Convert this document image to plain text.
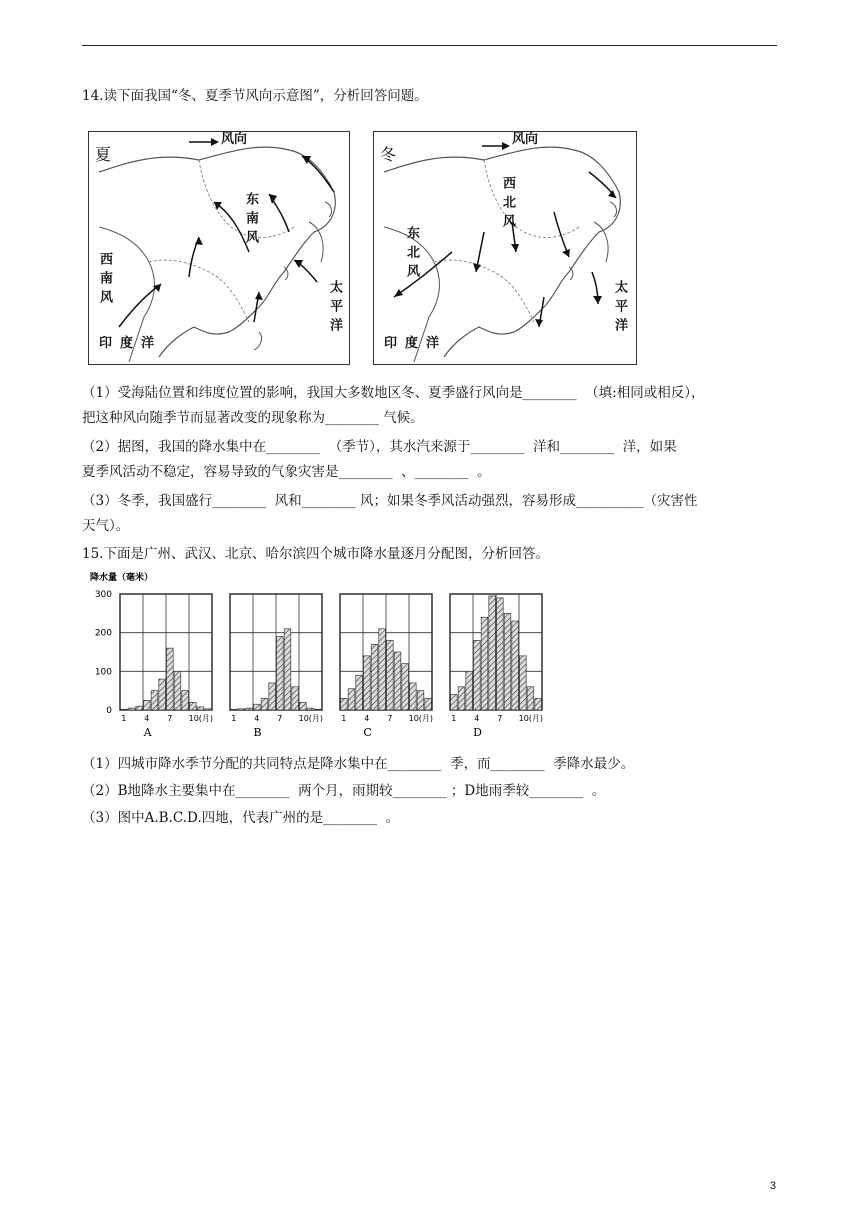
14.读下面我国“冬、夏季节风向示意图”，分析回答问题。
夏
风向
东南风
西南风
印度洋
太平洋
冬
风向
西北风
东北风
印度洋
太平洋
（1）受海陆位置和纬度位置的影响，我国大多数地区冬、夏季盛行风向是________  （填:相同或相反），
把这种风向随季节而显著改变的现象称为________ 气候。
（2）据图，我国的降水集中在________  （季节），其水汽来源于________  洋和________  洋，如果
夏季风活动不稳定，容易导致的气象灾害是________  、________  。
（3）冬季，我国盛行________  风和________ 风；如果冬季风活动强烈，容易形成__________（灾害性
天气）。
15.下面是广州、武汉、北京、哈尔滨四个城市降水量逐月分配图，分析回答。
降水量（毫米）
300
200
100
0
1 4 7 10(月)
A
1 4 7 10(月)
B
1 4 7 10(月)
C
1 4 7 10(月)
D
（1）四城市降水季节分配的共同特点是降水集中在________  季，而________  季降水最少。
（2）B地降水主要集中在________  两个月，雨期较________ ；D地雨季较________  。
（3）图中A.B.C.D.四地，代表广州的是________  。
3
